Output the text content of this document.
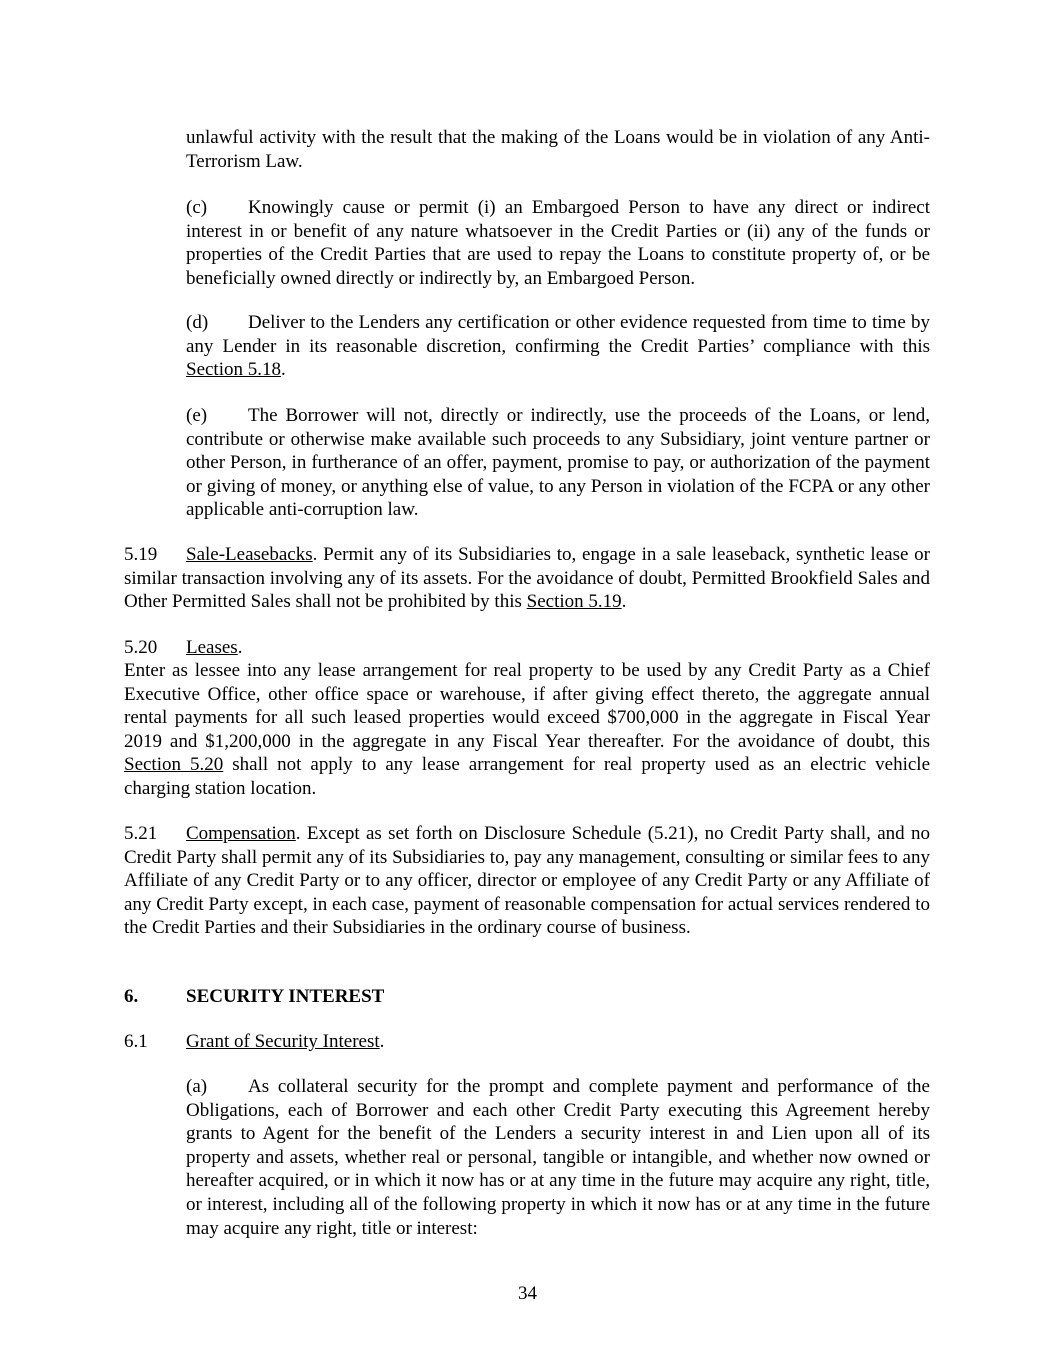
unlawful activity with the result that the making of the Loans would be in violation of any Anti-Terrorism Law.

(c) Knowingly cause or permit (i) an Embargoed Person to have any direct or indirect interest in or benefit of any nature whatsoever in the Credit Parties or (ii) any of the funds or properties of the Credit Parties that are used to repay the Loans to constitute property of, or be beneficially owned directly or indirectly by, an Embargoed Person.

(d) Deliver to the Lenders any certification or other evidence requested from time to time by any Lender in its reasonable discretion, confirming the Credit Parties’ compliance with this Section 5.18.

(e) The Borrower will not, directly or indirectly, use the proceeds of the Loans, or lend, contribute or otherwise make available such proceeds to any Subsidiary, joint venture partner or other Person, in furtherance of an offer, payment, promise to pay, or authorization of the payment or giving of money, or anything else of value, to any Person in violation of the FCPA or any other applicable anti-corruption law.

5.19 Sale-Leasebacks. Permit any of its Subsidiaries to, engage in a sale leaseback, synthetic lease or similar transaction involving any of its assets. For the avoidance of doubt, Permitted Brookfield Sales and Other Permitted Sales shall not be prohibited by this Section 5.19.

5.20 Leases.

Enter as lessee into any lease arrangement for real property to be used by any Credit Party as a Chief Executive Office, other office space or warehouse, if after giving effect thereto, the aggregate annual rental payments for all such leased properties would exceed $700,000 in the aggregate in Fiscal Year 2019 and $1,200,000 in the aggregate in any Fiscal Year thereafter. For the avoidance of doubt, this Section 5.20 shall not apply to any lease arrangement for real property used as an electric vehicle charging station location.

5.21 Compensation. Except as set forth on Disclosure Schedule (5.21), no Credit Party shall, and no Credit Party shall permit any of its Subsidiaries to, pay any management, consulting or similar fees to any Affiliate of any Credit Party or to any officer, director or employee of any Credit Party or any Affiliate of any Credit Party except, in each case, payment of reasonable compensation for actual services rendered to the Credit Parties and their Subsidiaries in the ordinary course of business.

6.	SECURITY INTEREST

6.1 Grant of Security Interest.

(a) As collateral security for the prompt and complete payment and performance of the Obligations, each of Borrower and each other Credit Party executing this Agreement hereby grants to Agent for the benefit of the Lenders a security interest in and Lien upon all of its property and assets, whether real or personal, tangible or intangible, and whether now owned or hereafter acquired, or in which it now has or at any time in the future may acquire any right, title, or interest, including all of the following property in which it now has or at any time in the future may acquire any right, title or interest:

34
